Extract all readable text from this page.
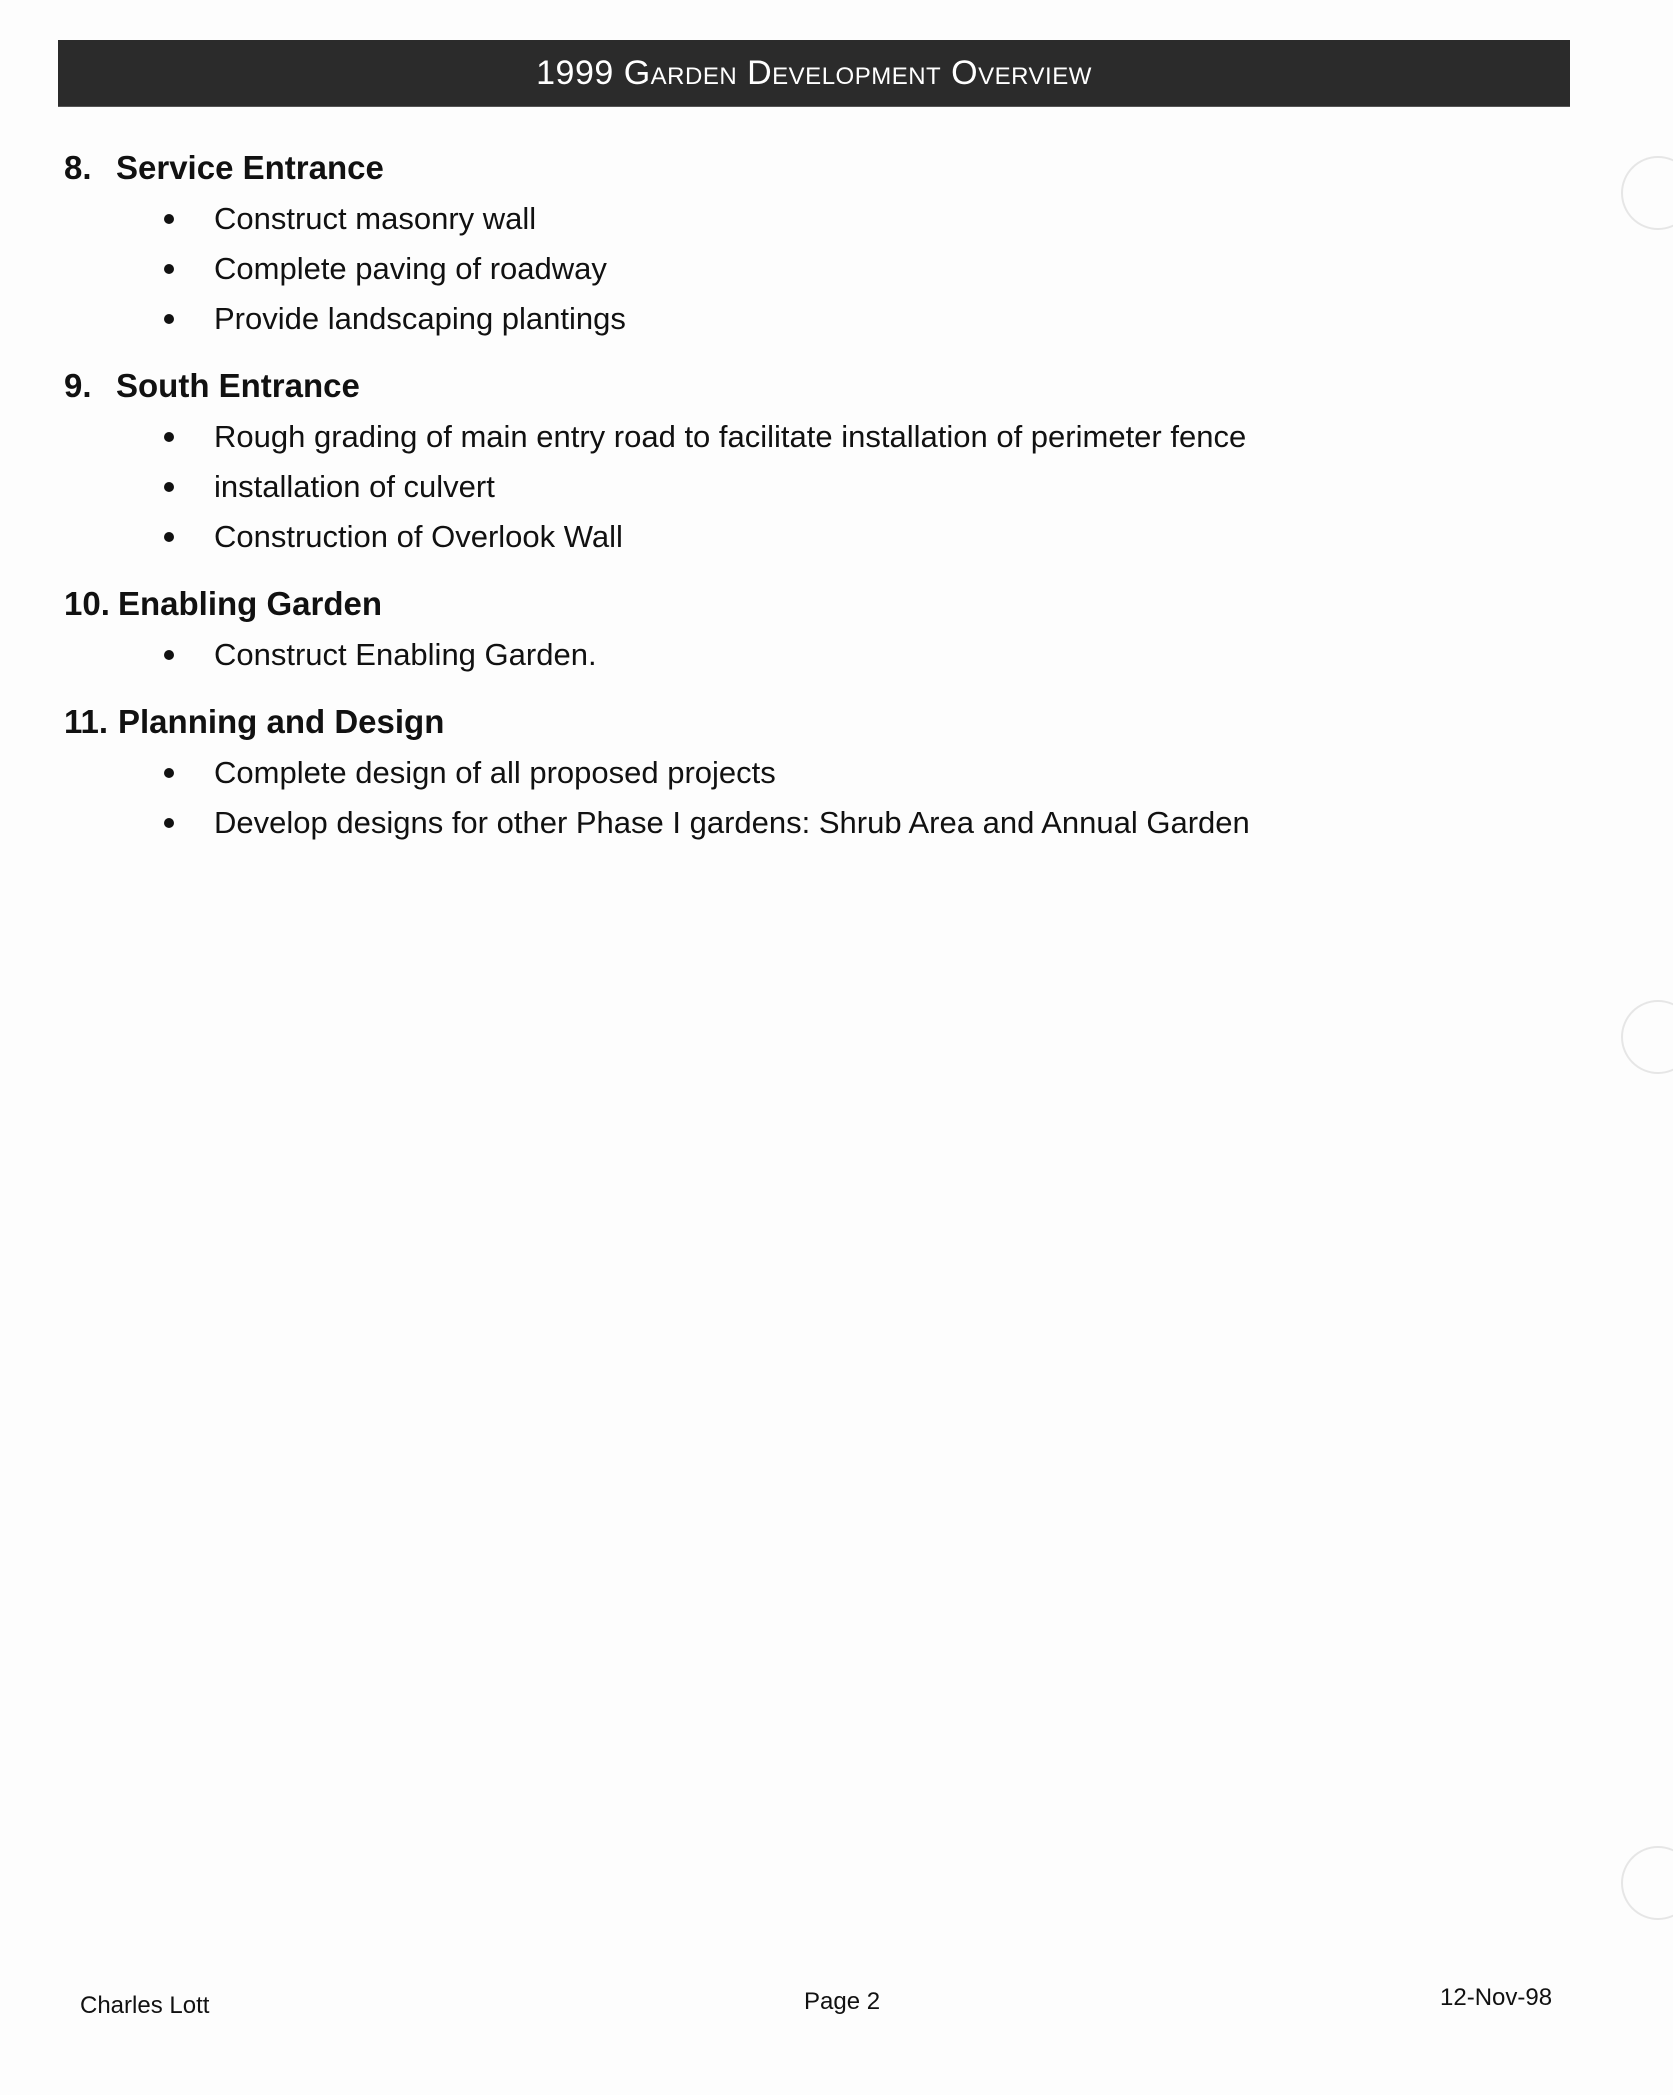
1999 Garden Development Overview
8. Service Entrance
Construct masonry wall
Complete paving of roadway
Provide landscaping plantings
9. South Entrance
Rough grading of main entry road to facilitate installation of perimeter fence
installation of culvert
Construction of Overlook Wall
10. Enabling Garden
Construct Enabling Garden.
11. Planning and Design
Complete design of all proposed projects
Develop designs for other Phase I gardens: Shrub Area and Annual Garden
Charles Lott	Page 2	12-Nov-98
